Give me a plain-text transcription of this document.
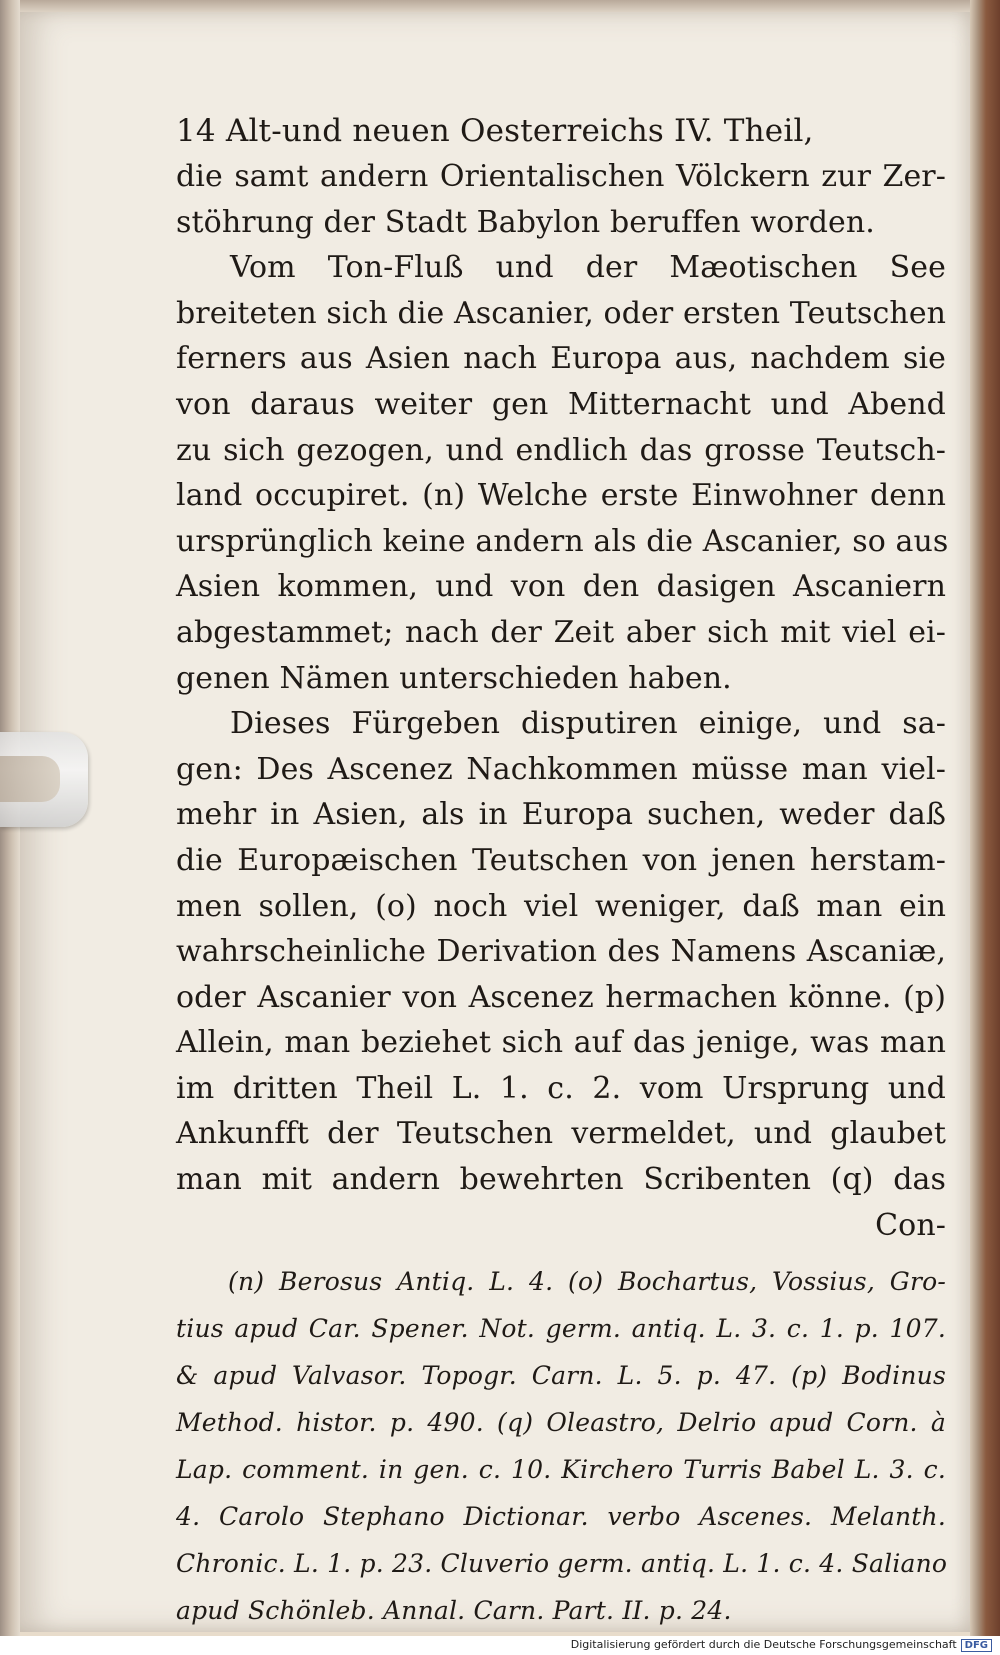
14 Alt-und neuen Oesterreichs IV. Theil,
die samt andern Orientalischen Völckern zur Zer-
stöhrung der Stadt Babylon beruffen worden.
Vom Ton-Fluß und der Mæotischen See
breiteten sich die Ascanier, oder ersten Teutschen
ferners aus Asien nach Europa aus, nachdem sie
von daraus weiter gen Mitternacht und Abend
zu sich gezogen, und endlich das grosse Teutsch-
land occupiret. (n) Welche erste Einwohner denn
ursprünglich keine andern als die Ascanier, so aus
Asien kommen, und von den dasigen Ascaniern
abgestammet; nach der Zeit aber sich mit viel ei-
genen Nämen unterschieden haben.
Dieses Fürgeben disputiren einige, und sa-
gen: Des Ascenez Nachkommen müsse man viel-
mehr in Asien, als in Europa suchen, weder daß
die Europæischen Teutschen von jenen herstam-
men sollen, (o) noch viel weniger, daß man ein
wahrscheinliche Derivation des Namens Ascaniæ,
oder Ascanier von Ascenez hermachen könne. (p)
Allein, man beziehet sich auf das jenige, was man
im dritten Theil L. 1. c. 2. vom Ursprung und
Ankunfft der Teutschen vermeldet, und glaubet
man mit andern bewehrten Scribenten (q) das
Con-
(n) Berosus Antiq. L. 4. (o) Bochartus, Vossius, Gro-
tius apud Car. Spener. Not. germ. antiq. L. 3. c. 1. p. 107.
& apud Valvasor. Topogr. Carn. L. 5. p. 47. (p) Bodinus
Method. histor. p. 490. (q) Oleastro, Delrio apud Corn. à
Lap. comment. in gen. c. 10. Kirchero Turris Babel L. 3. c.
4. Carolo Stephano Dictionar. verbo Ascenes. Melanth.
Chronic. L. 1. p. 23. Cluverio germ. antiq. L. 1. c. 4. Saliano
apud Schönleb. Annal. Carn. Part. II. p. 24.
Digitalisierung gefördert durch die Deutsche Forschungsgemeinschaft DFG
